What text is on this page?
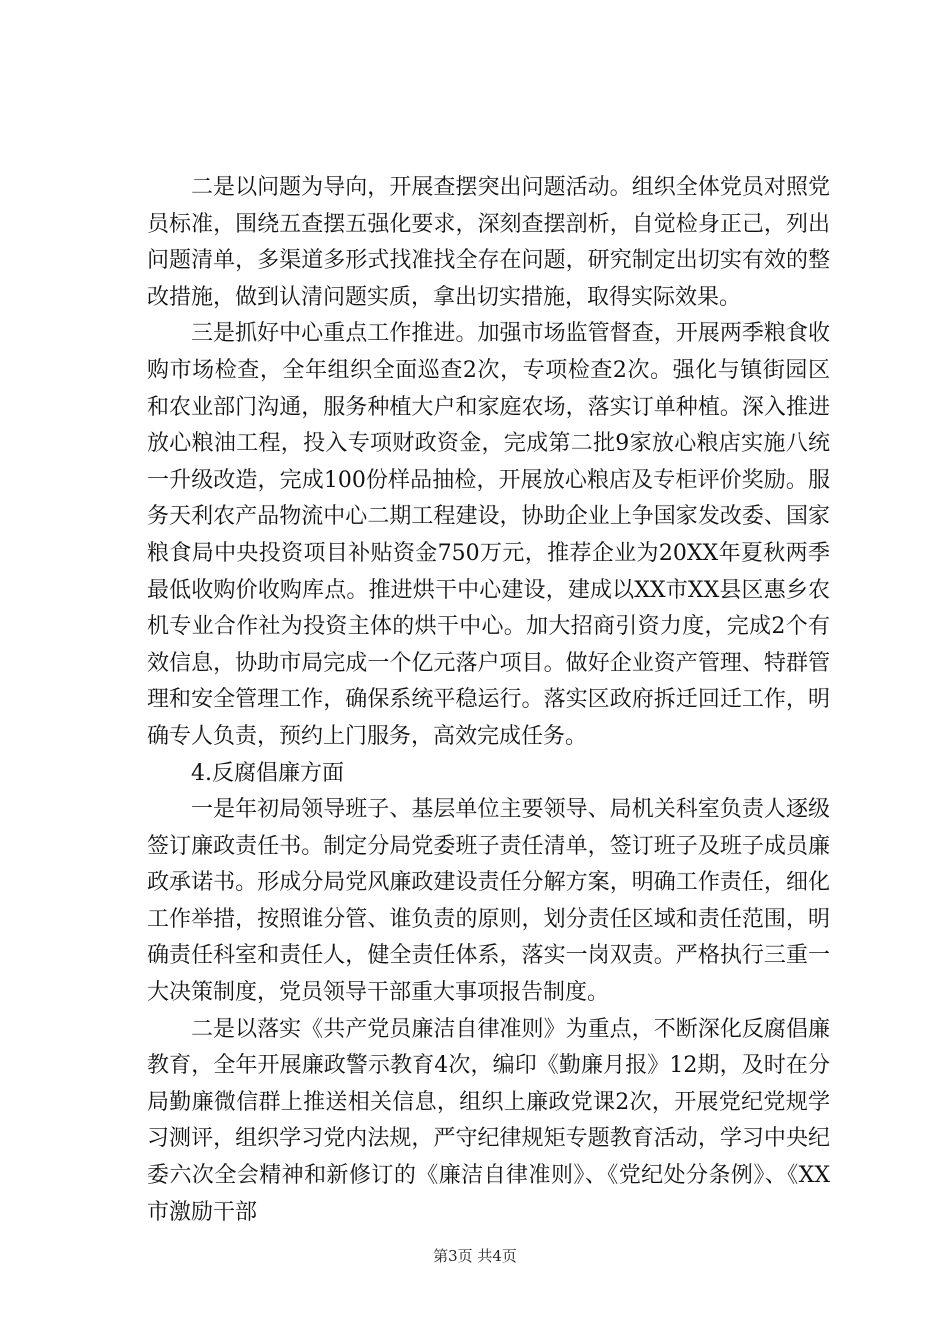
二是以问题为导向，开展查摆突出问题活动。组织全体党员对照党员标准，围绕五查摆五强化要求，深刻查摆剖析，自觉检身正己，列出问题清单，多渠道多形式找准找全存在问题，研究制定出切实有效的整改措施，做到认清问题实质，拿出切实措施，取得实际效果。

三是抓好中心重点工作推进。加强市场监管督查，开展两季粮食收购市场检查，全年组织全面巡查2次，专项检查2次。强化与镇街园区和农业部门沟通，服务种植大户和家庭农场，落实订单种植。深入推进放心粮油工程，投入专项财政资金，完成第二批9家放心粮店实施八统一升级改造，完成100份样品抽检，开展放心粮店及专柜评价奖励。服务天利农产品物流中心二期工程建设，协助企业上争国家发改委、国家粮食局中央投资项目补贴资金750万元，推荐企业为20XX年夏秋两季最低收购价收购库点。推进烘干中心建设，建成以XX市XX县区惠乡农机专业合作社为投资主体的烘干中心。加大招商引资力度，完成2个有效信息，协助市局完成一个亿元落户项目。做好企业资产管理、特群管理和安全管理工作，确保系统平稳运行。落实区政府拆迁回迁工作，明确专人负责，预约上门服务，高效完成任务。

4.反腐倡廉方面

一是年初局领导班子、基层单位主要领导、局机关科室负责人逐级签订廉政责任书。制定分局党委班子责任清单，签订班子及班子成员廉政承诺书。形成分局党风廉政建设责任分解方案，明确工作责任，细化工作举措，按照谁分管、谁负责的原则，划分责任区域和责任范围，明确责任科室和责任人，健全责任体系，落实一岗双责。严格执行三重一大决策制度，党员领导干部重大事项报告制度。

二是以落实《共产党员廉洁自律准则》为重点，不断深化反腐倡廉教育，全年开展廉政警示教育4次，编印《勤廉月报》12期，及时在分局勤廉微信群上推送相关信息，组织上廉政党课2次，开展党纪党规学习测评，组织学习党内法规，严守纪律规矩专题教育活动，学习中央纪委六次全会精神和新修订的《廉洁自律准则》、《党纪处分条例》、《XX市激励干部

第3页 共4页
